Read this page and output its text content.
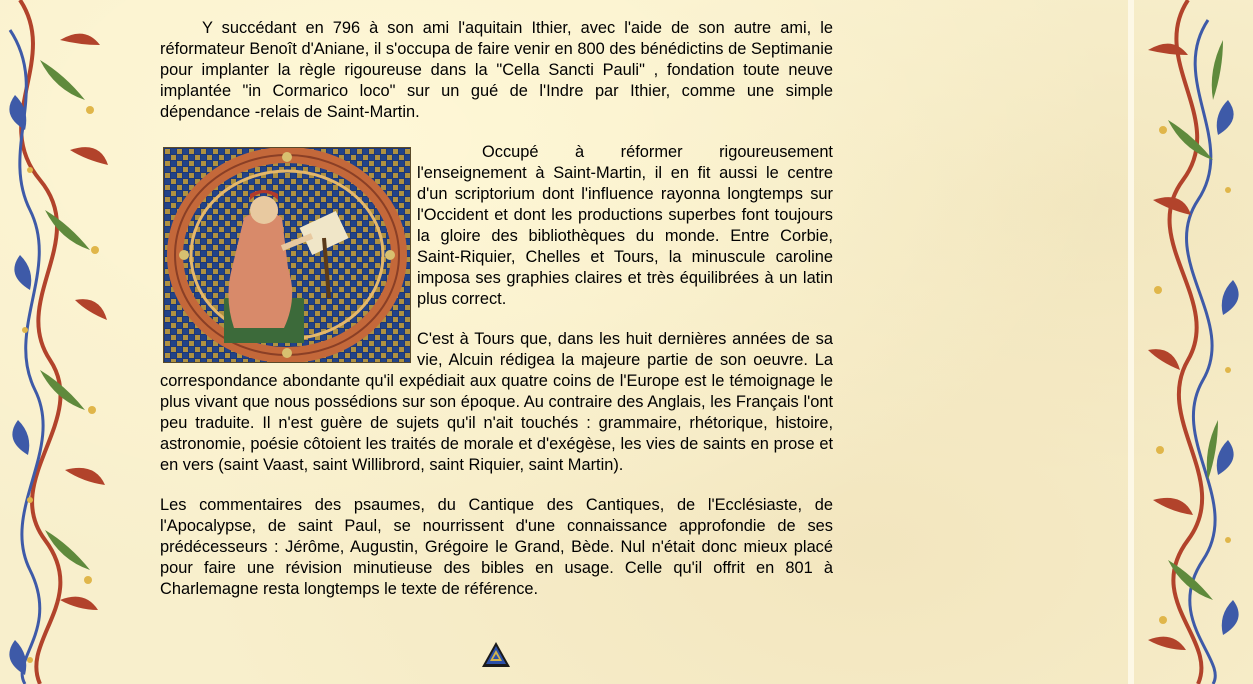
Y succédant en 796 à son ami l'aquitain Ithier, avec l'aide de son autre ami, le réformateur Benoît d'Aniane, il s'occupa de faire venir en 800 des bénédictins de Septimanie pour implanter la règle rigoureuse dans la "Cella Sancti Pauli" , fondation toute neuve implantée "in Cormarico loco" sur un gué de l'Indre par Ithier, comme une simple dépendance -relais de Saint-Martin.

Occupé à réformer rigoureusement l'enseignement à Saint-Martin, il en fit aussi le centre d'un scriptorium dont l'influence rayonna longtemps sur l'Occident et dont les productions superbes font toujours la gloire des bibliothèques du monde. Entre Corbie, Saint-Riquier, Chelles et Tours, la minuscule caroline imposa ses graphies claires et très équilibrées à un latin plus correct.

C'est à Tours que, dans les huit dernières années de sa vie, Alcuin rédigea la majeure partie de son oeuvre. La correspondance abondante qu'il expédiait aux quatre coins de l'Europe est le témoignage le plus vivant que nous possédions sur son époque. Au contraire des Anglais, les Français l'ont peu traduite. Il n'est guère de sujets qu'il n'ait touchés : grammaire, rhétorique, histoire, astronomie, poésie côtoient les traités de morale et d'exégèse, les vies de saints en prose et en vers (saint Vaast, saint Willibrord, saint Riquier, saint Martin).

Les commentaires des psaumes, du Cantique des Cantiques, de l'Ecclésiaste, de l'Apocalypse, de saint Paul, se nourrissent d'une connaissance approfondie de ses prédécesseurs : Jérôme, Augustin, Grégoire le Grand, Bède. Nul n'était donc mieux placé pour faire une révision minutieuse des bibles en usage. Celle qu'il offrit en 801 à Charlemagne resta longtemps le texte de référence.
